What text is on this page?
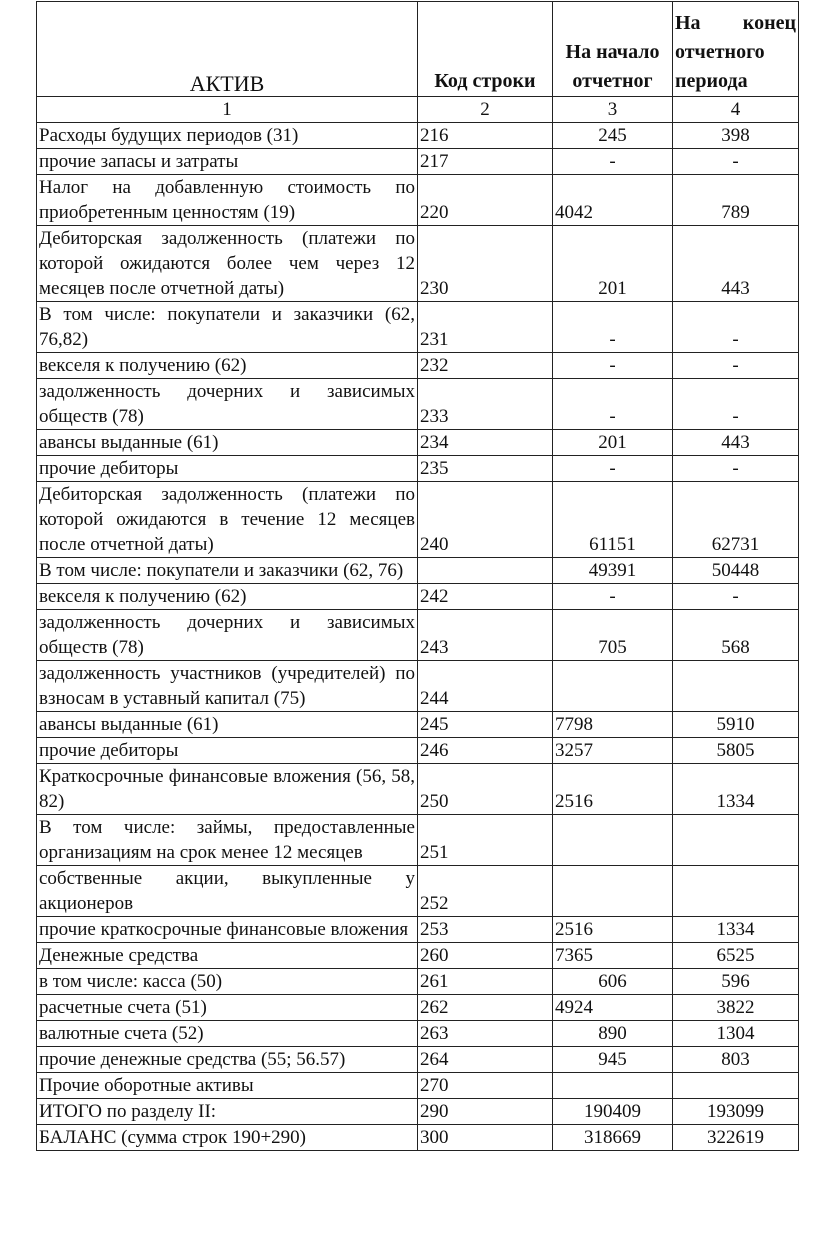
АКТИВ	Код строки	На начало отчетног	На конец отчетного периода
1	2	3	4
Расходы будущих периодов (31)	216	245	398
прочие запасы и затраты	217	-	-
Налог на добавленную стоимость по приобретенным ценностям (19)	220	4042	789
Дебиторская задолженность (платежи по которой ожидаются более чем через 12 месяцев после отчетной даты)	230	201	443
В том числе: покупатели и заказчики (62, 76,82)	231	-	-
векселя к получению (62)	232	-	-
задолженность дочерних и зависимых обществ (78)	233	-	-
авансы выданные (61)	234	201	443
прочие дебиторы	235	-	-
Дебиторская задолженность (платежи по которой ожидаются в течение 12 месяцев после отчетной даты)	240	61151	62731
В том числе: покупатели и заказчики (62, 76)		49391	50448
векселя к получению (62)	242	-	-
задолженность дочерних и зависимых обществ (78)	243	705	568
задолженность участников (учредителей) по взносам в уставный капитал (75)	244		
авансы выданные (61)	245	7798	5910
прочие дебиторы	246	3257	5805
Краткосрочные финансовые вложения (56, 58, 82)	250	2516	1334
В том числе: займы, предоставленные организациям на срок менее 12 месяцев	251		
собственные акции, выкупленные у акционеров	252		
прочие краткосрочные финансовые вложения	253	2516	1334
Денежные средства	260	7365	6525
в том числе: касса (50)	261	606	596
расчетные счета (51)	262	4924	3822
валютные счета (52)	263	890	1304
прочие денежные средства (55; 56.57)	264	945	803
Прочие оборотные активы	270		
ИТОГО по разделу II:	290	190409	193099
БАЛАНС (сумма строк 190+290)	300	318669	322619
